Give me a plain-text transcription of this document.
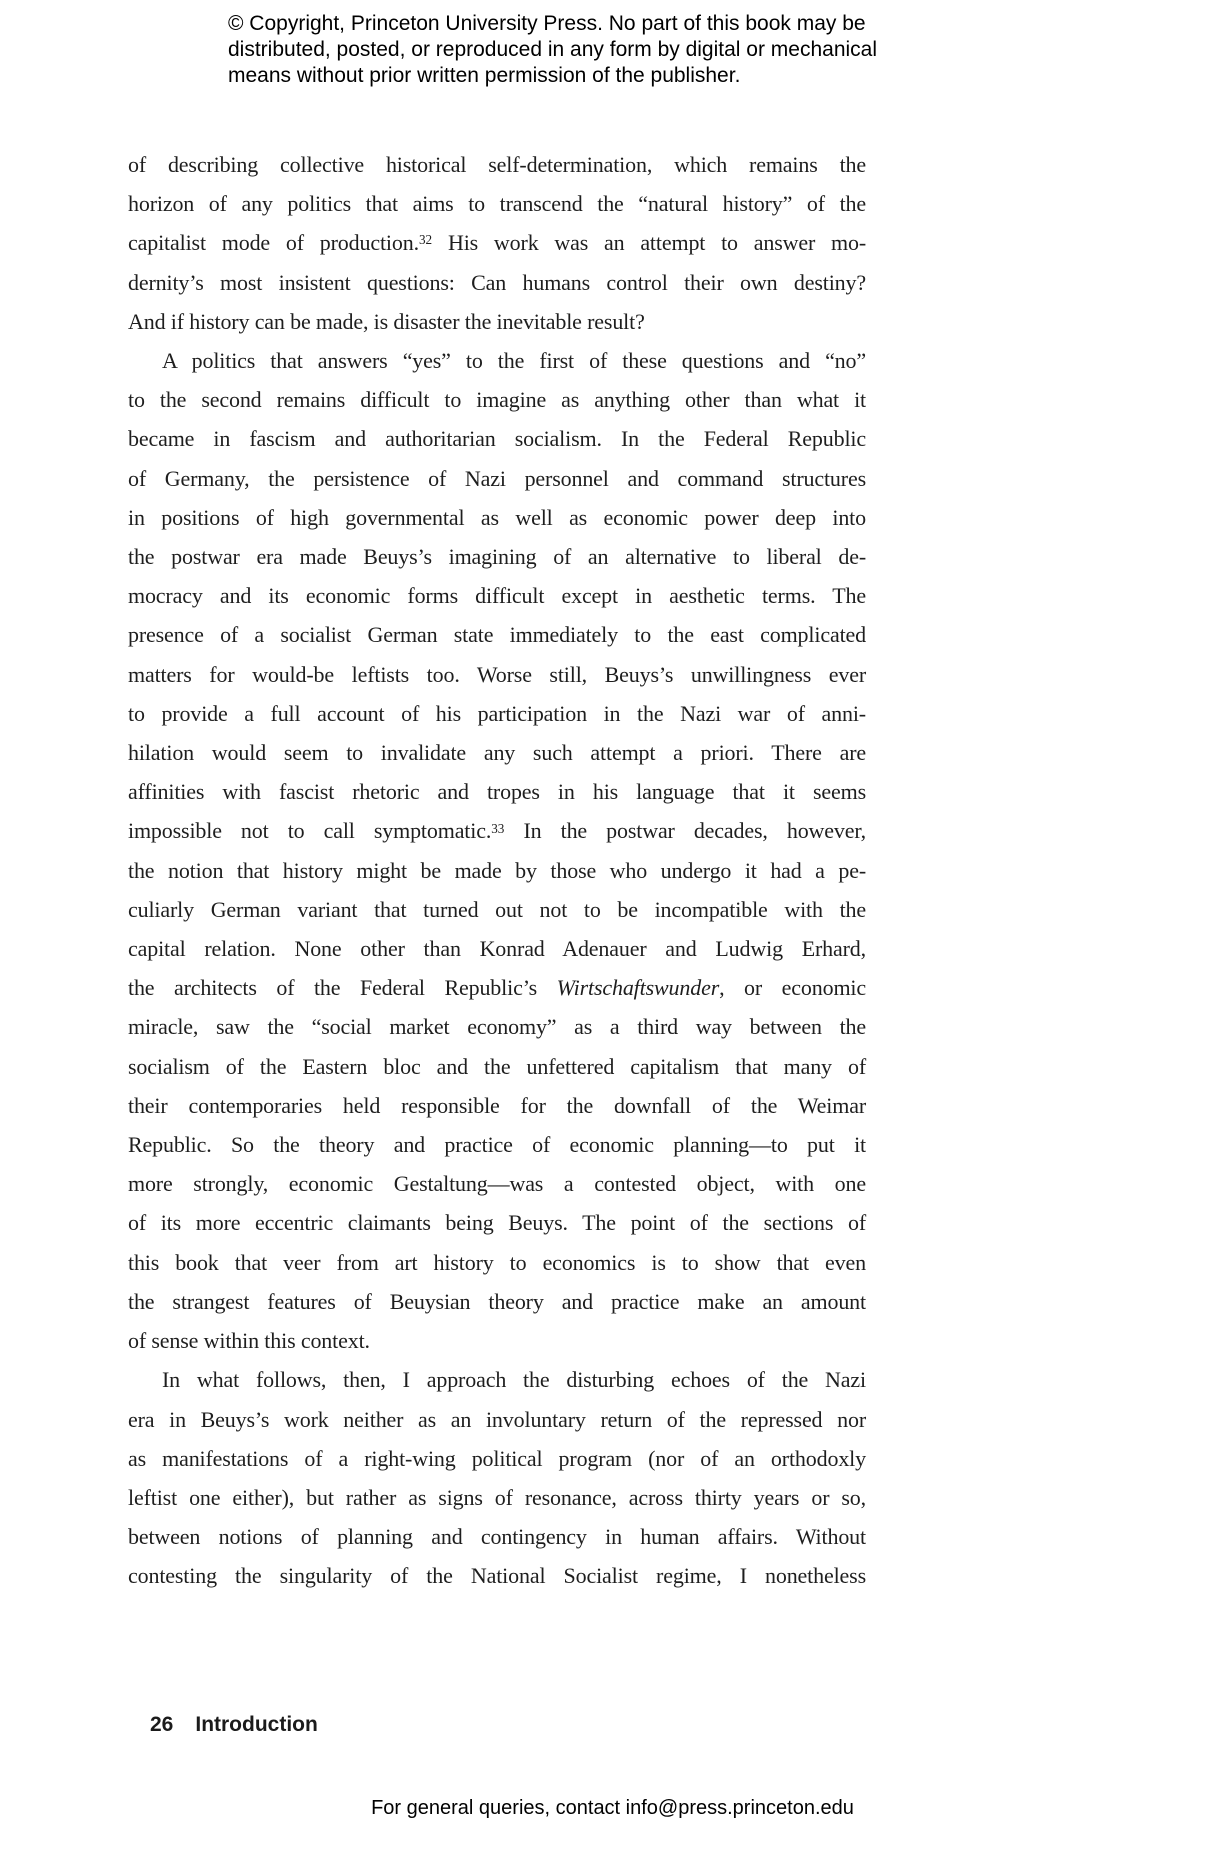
© Copyright, Princeton University Press. No part of this book may be
distributed, posted, or reproduced in any form by digital or mechanical
means without prior written permission of the publisher.
of describing collective historical self-determination, which remains the
horizon of any politics that aims to transcend the “natural history” of the
capitalist mode of production.$^{32}$ His work was an attempt to answer mo-
dernity’s most insistent questions: Can humans control their own destiny?
And if history can be made, is disaster the inevitable result?
A politics that answers “yes” to the first of these questions and “no”
to the second remains difficult to imagine as anything other than what it
became in fascism and authoritarian socialism. In the Federal Republic
of Germany, the persistence of Nazi personnel and command structures
in positions of high governmental as well as economic power deep into
the postwar era made Beuys’s imagining of an alternative to liberal de-
mocracy and its economic forms difficult except in aesthetic terms. The
presence of a socialist German state immediately to the east complicated
matters for would-be leftists too. Worse still, Beuys’s unwillingness ever
to provide a full account of his participation in the Nazi war of anni-
hilation would seem to invalidate any such attempt a priori. There are
affinities with fascist rhetoric and tropes in his language that it seems
impossible not to call symptomatic.$^{33}$ In the postwar decades, however,
the notion that history might be made by those who undergo it had a pe-
culiarly German variant that turned out not to be incompatible with the
capital relation. None other than Konrad Adenauer and Ludwig Erhard,
the architects of the Federal Republic’s Wirtschaftswunder, or economic
miracle, saw the “social market economy” as a third way between the
socialism of the Eastern bloc and the unfettered capitalism that many of
their contemporaries held responsible for the downfall of the Weimar
Republic. So the theory and practice of economic planning—to put it
more strongly, economic Gestaltung—was a contested object, with one
of its more eccentric claimants being Beuys. The point of the sections of
this book that veer from art history to economics is to show that even
the strangest features of Beuysian theory and practice make an amount
of sense within this context.
In what follows, then, I approach the disturbing echoes of the Nazi
era in Beuys’s work neither as an involuntary return of the repressed nor
as manifestations of a right-wing political program (nor of an orthodoxly
leftist one either), but rather as signs of resonance, across thirty years or so,
between notions of planning and contingency in human affairs. Without
contesting the singularity of the National Socialist regime, I nonetheless
26 Introduction
For general queries, contact info@press.princeton.edu
